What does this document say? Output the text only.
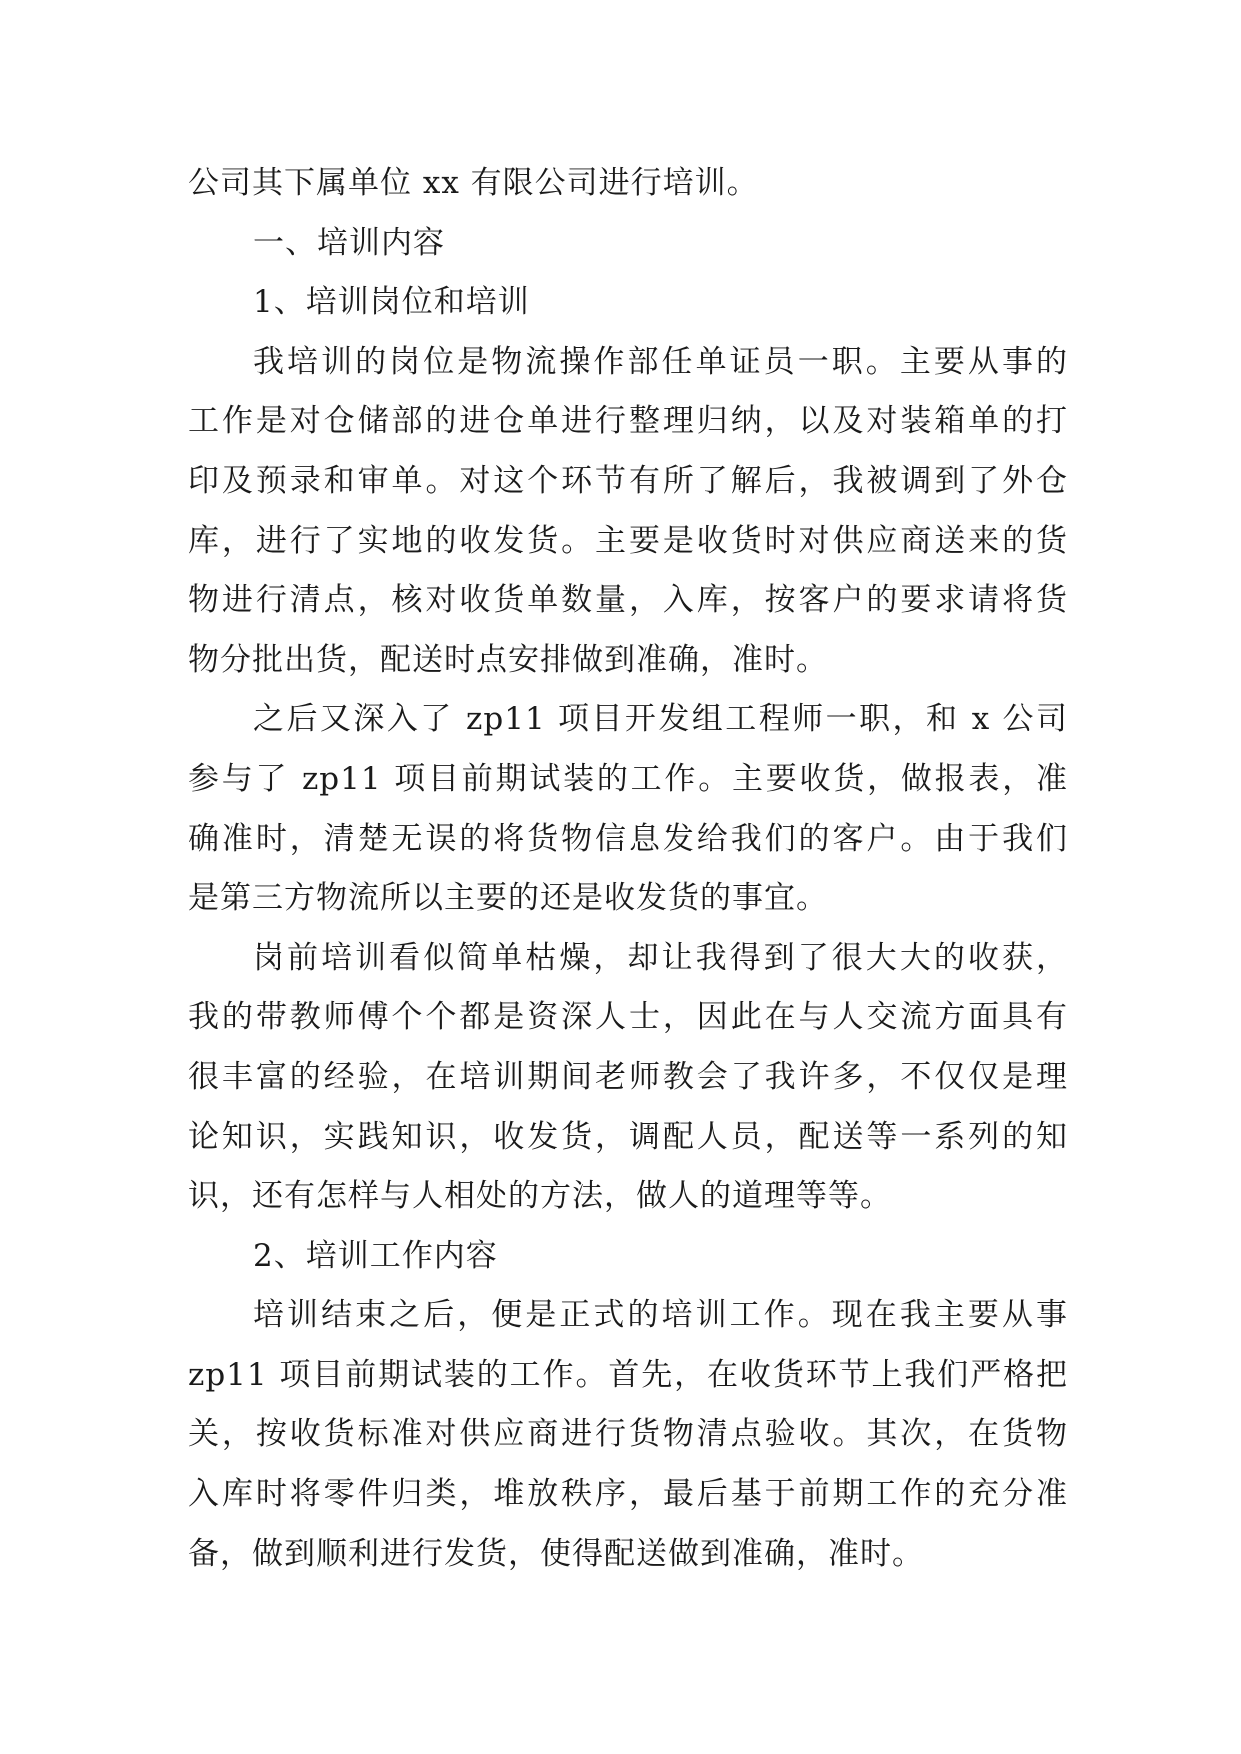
公司其下属单位 xx 有限公司进行培训。
一、培训内容
1、培训岗位和培训
我培训的岗位是物流操作部任单证员一职。主要从事的
工作是对仓储部的进仓单进行整理归纳，以及对装箱单的打
印及预录和审单。对这个环节有所了解后，我被调到了外仓
库，进行了实地的收发货。主要是收货时对供应商送来的货
物进行清点，核对收货单数量，入库，按客户的要求请将货
物分批出货，配送时点安排做到准确，准时。
之后又深入了 zp11 项目开发组工程师一职，和 x 公司
参与了 zp11 项目前期试装的工作。主要收货，做报表，准
确准时，清楚无误的将货物信息发给我们的客户。由于我们
是第三方物流所以主要的还是收发货的事宜。
岗前培训看似简单枯燥，却让我得到了很大大的收获，
我的带教师傅个个都是资深人士，因此在与人交流方面具有
很丰富的经验，在培训期间老师教会了我许多，不仅仅是理
论知识，实践知识，收发货，调配人员，配送等一系列的知
识，还有怎样与人相处的方法，做人的道理等等。
2、培训工作内容
培训结束之后，便是正式的培训工作。现在我主要从事
zp11 项目前期试装的工作。首先，在收货环节上我们严格把
关，按收货标准对供应商进行货物清点验收。其次，在货物
入库时将零件归类，堆放秩序，最后基于前期工作的充分准
备，做到顺利进行发货，使得配送做到准确，准时。
